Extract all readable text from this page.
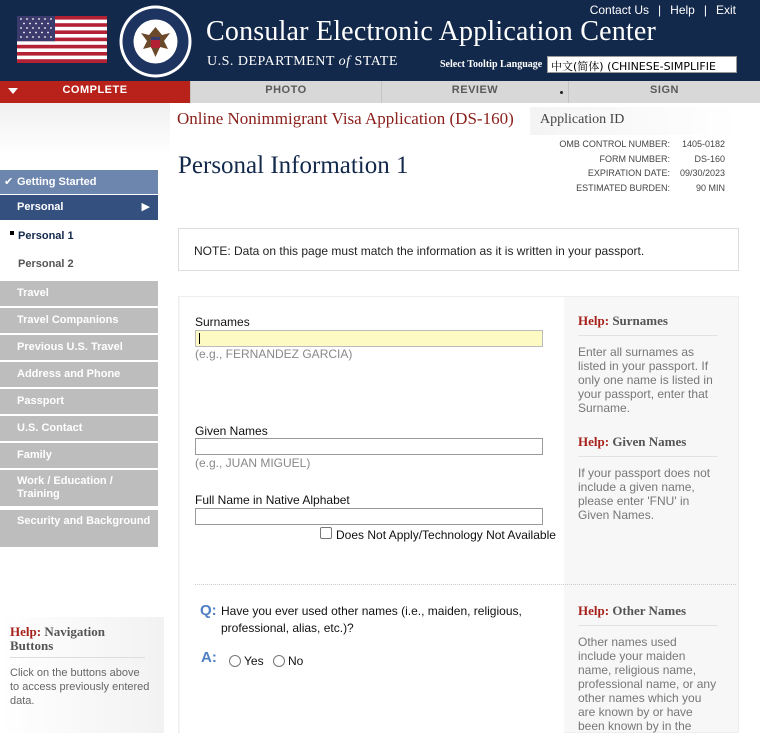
Consular Electronic Application Center
U.S. DEPARTMENT of STATE
Contact Us | Help | Exit
Select Tooltip Language 中文(简体) (CHINESE-SIMPLIFIE
COMPLETE	PHOTO	REVIEW	SIGN
✔ Getting Started
Personal	▶
Personal 1
Personal 2
Travel
Travel Companions
Previous U.S. Travel
Address and Phone
Passport
U.S. Contact
Family
Work / Education / Training
Security and Background
Help: Navigation Buttons
Click on the buttons above to access previously entered data.
Online Nonimmigrant Visa Application (DS-160) Application ID
Personal Information 1
OMB CONTROL NUMBER:	1405-0182
FORM NUMBER:	DS-160
EXPIRATION DATE:	09/30/2023
ESTIMATED BURDEN:	90 MIN
NOTE: Data on this page must match the information as it is written in your passport.
Surnames
(e.g., FERNANDEZ GARCIA)
Given Names
(e.g., JUAN MIGUEL)
Full Name in Native Alphabet
Does Not Apply/Technology Not Available
Q: Have you ever used other names (i.e., maiden, religious, professional, alias, etc.)?
A: Yes No
Help: Surnames
Enter all surnames as listed in your passport. If only one name is listed in your passport, enter that Surname.
Help: Given Names
If your passport does not include a given name, please enter 'FNU' in Given Names.
Help: Other Names
Other names used include your maiden name, religious name, professional name, or any other names which you are known by or have been known by in the
